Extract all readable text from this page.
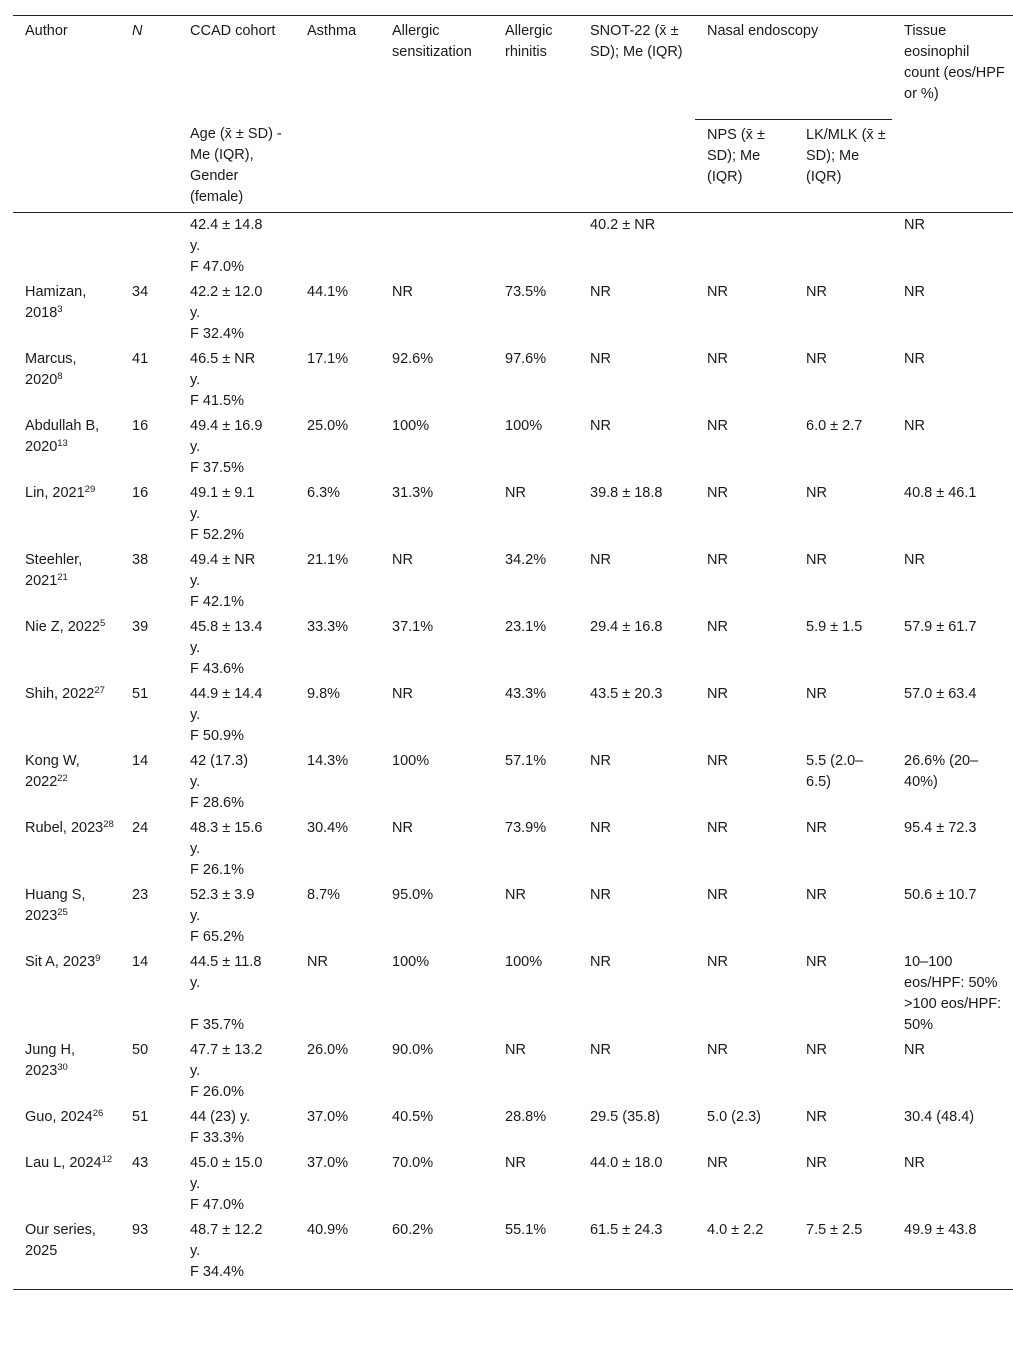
Author	N	CCAD cohort	Asthma	Allergic sensitization	Allergic rhinitis	SNOT-22 (x̄ ± SD); Me (IQR)	Nasal endoscopy		Tissue eosinophil count (eos/HPF or %)
		Age (x̄ ± SD) - Me (IQR), Gender (female)					NPS (x̄ ± SD); Me (IQR)	LK/MLK (x̄ ± SD); Me (IQR)	

		42.4 ± 14.8
y.
F 47.0%				40.2 ± NR			NR

Hamizan, 2018$^3$	34	42.2 ± 12.0
y.
F 32.4%	44.1%	NR	73.5%	NR	NR	NR	NR

Marcus, 2020$^8$	41	46.5 ± NR
y.
F 41.5%	17.1%	92.6%	97.6%	NR	NR	NR	NR

Abdullah B, 2020$^{13}$	16	49.4 ± 16.9
y.
F 37.5%	25.0%	100%	100%	NR	NR	6.0 ± 2.7	NR

Lin, 2021$^{29}$	16	49.1 ± 9.1
y.
F 52.2%	6.3%	31.3%	NR	39.8 ± 18.8	NR	NR	40.8 ± 46.1

Steehler, 2021$^{21}$	38	49.4 ± NR
y.
F 42.1%	21.1%	NR	34.2%	NR	NR	NR	NR

Nie Z, 2022$^5$	39	45.8 ± 13.4
y.
F 43.6%	33.3%	37.1%	23.1%	29.4 ± 16.8	NR	5.9 ± 1.5	57.9 ± 61.7

Shih, 2022$^{27}$	51	44.9 ± 14.4
y.
F 50.9%	9.8%	NR	43.3%	43.5 ± 20.3	NR	NR	57.0 ± 63.4

Kong W, 2022$^{22}$	14	42 (17.3)
y.
F 28.6%	14.3%	100%	57.1%	NR	NR	5.5 (2.0–6.5)	26.6% (20–40%)

Rubel, 2023$^{28}$	24	48.3 ± 15.6
y.
F 26.1%	30.4%	NR	73.9%	NR	NR	NR	95.4 ± 72.3

Huang S, 2023$^{25}$	23	52.3 ± 3.9
y.
F 65.2%	8.7%	95.0%	NR	NR	NR	NR	50.6 ± 10.7

Sit A, 2023$^9$	14	44.5 ± 11.8
y.
F 35.7%	NR	100%	100%	NR	NR	NR	10–100 eos/HPF: 50%
>100 eos/HPF: 50%

Jung H, 2023$^{30}$	50	47.7 ± 13.2
y.
F 26.0%	26.0%	90.0%	NR	NR	NR	NR	NR

Guo, 2024$^{26}$	51	44 (23) y.
F 33.3%	37.0%	40.5%	28.8%	29.5 (35.8)	5.0 (2.3)	NR	30.4 (48.4)

Lau L, 2024$^{12}$	43	45.0 ± 15.0
y.
F 47.0%	37.0%	70.0%	NR	44.0 ± 18.0	NR	NR	NR

Our series, 2025	93	48.7 ± 12.2
y.
F 34.4%	40.9%	60.2%	55.1%	61.5 ± 24.3	4.0 ± 2.2	7.5 ± 2.5	49.9 ± 43.8
